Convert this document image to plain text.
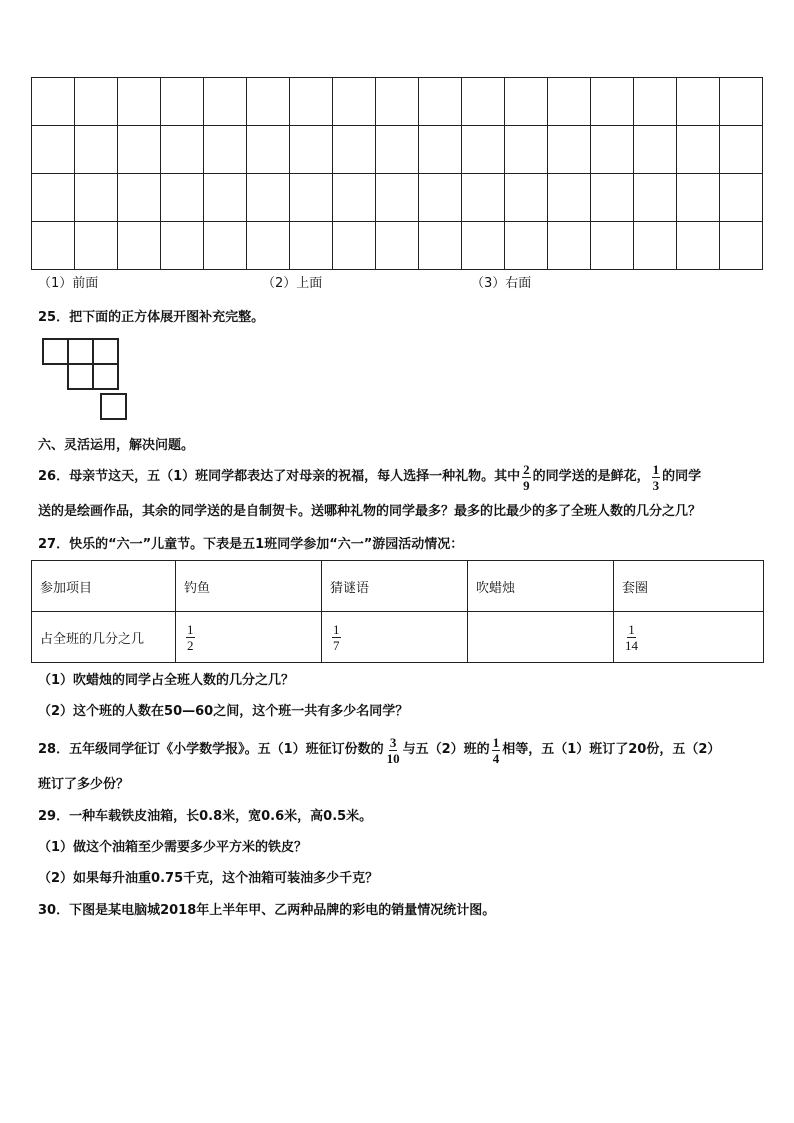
（1）前面	（2）上面	（3）右面
25．把下面的正方体展开图补充完整。
六、灵活运用，解决问题。
26．母亲节这天，五（1）班同学都表达了对母亲的祝福，每人选择一种礼物。其中 $\frac{2}{9}$ 的同学送的是鲜花， $\frac{1}{3}$ 的同学
送的是绘画作品，其余的同学送的是自制贺卡。送哪种礼物的同学最多？最多的比最少的多了全班人数的几分之几？
27．快乐的“六一”儿童节。下表是五1班同学参加“六一”游园活动情况：
参加项目	钓鱼	猜谜语	吹蜡烛	套圈
占全班的几分之几	$\frac{1}{2}$	$\frac{1}{7}$		$\frac{1}{14}$
（1）吹蜡烛的同学占全班人数的几分之几？
（2）这个班的人数在50—60之间，这个班一共有多少名同学？
28．五年级同学征订《小学数学报》。五（1）班征订份数的 $\frac{3}{10}$ 与五（2）班的 $\frac{1}{4}$ 相等，五（1）班订了20份，五（2）
班订了多少份？
29．一种车载铁皮油箱，长0.8米，宽0.6米，高0.5米。
（1）做这个油箱至少需要多少平方米的铁皮？
（2）如果每升油重0.75千克，这个油箱可装油多少千克？
30．下图是某电脑城2018年上半年甲、乙两种品牌的彩电的销量情况统计图。
